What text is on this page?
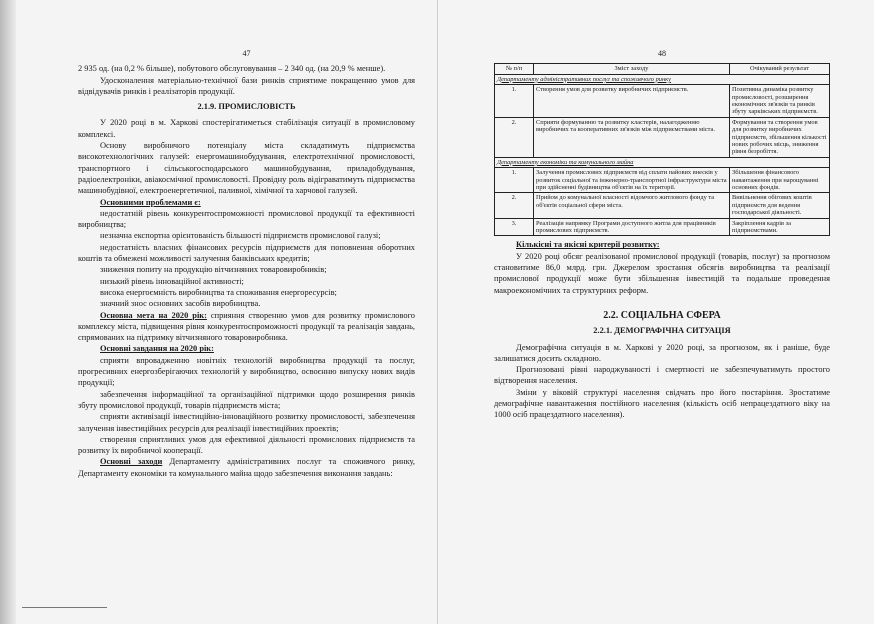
47

2 935 од. (на 0,2 % більше), побутового обслуговування – 2 340 од. (на 20,9 % менше).

Удосконалення матеріально-технічної бази ринків сприятиме покращенню умов для відвідувачів ринків і реалізаторів продукції.

2.1.9. ПРОМИСЛОВІСТЬ

У 2020 році в м. Харкові спостерігатиметься стабілізація ситуації в промисловому комплексі.

Основу виробничого потенціалу міста складатимуть підприємства високотехнологічних галузей: енергомашинобудування, електротехнічної промисловості, транспортного і сільськогосподарського машинобудування, приладобудування, радіоелектроніки, авіакосмічної промисловості. Провідну роль відіграватимуть підприємства машинобудівної, електроенергетичної, паливної, хімічної та харчової галузей.

Основними проблемами є:

недостатній рівень конкурентоспроможності промислової продукції та ефективності виробництва;

незначна експортна орієнтованість більшості підприємств промислової галузі;

недостатність власних фінансових ресурсів підприємств для поповнення оборотних коштів та обмежені можливості залучення банківських кредитів;

зниження попиту на продукцію вітчизняних товаровиробників;

низький рівень інноваційної активності;

висока енергоємність виробництва та споживання енергоресурсів;

значний знос основних засобів виробництва.

Основна мета на 2020 рік: сприяння створенню умов для розвитку промислового комплексу міста, підвищення рівня конкурентоспроможності продукції та реалізація завдань, спрямованих на підтримку вітчизняного товаровиробника.

Основні завдання на 2020 рік:

сприяти впровадженню новітніх технологій виробництва продукції та послуг, прогресивних енергозберігаючих технологій у виробництво, освоєнню випуску нових видів продукції;

забезпечення інформаційної та організаційної підтримки щодо розширення ринків збуту промислової продукції, товарів підприємств міста;

сприяти активізації інвестиційно-інноваційного розвитку промисловості, забезпечення залучення інвестиційних ресурсів для реалізації інвестиційних проектів;

створення сприятливих умов для ефективної діяльності промислових підприємств та розвитку їх виробничої кооперації.

Основні заходи Департаменту адміністративних послуг та споживчого ринку, Департаменту економіки та комунального майна щодо забезпечення виконання завдань:

48
№ п/п	Зміст заходу	Очікуваний результат
Департаменту адміністративних послуг та споживчого ринку		
1.	Створення умов для розвитку виробничих підприємств.	Позитивна динаміка розвитку промисловості, розширення економічних зв'язків та ринків збуту харківських підприємств.
2.	Сприяти формуванню та розвитку кластерів, налагодженню виробничих та кооперативних зв'язків між підприємствами міста.	Формування та створення умов для розвитку виробничих підприємств, збільшення кількості нових робочих місць, зниження рівня безробіття.
Департаменту економіки та комунального майна		
1.	Залучення промислових підприємств від сплати пайових внесків у розвиток соціальної та інженерно-транспортної інфраструктури міста при здійсненні будівництва об'єктів на їх території.	Збільшення фінансового навантаження при нарощуванні основних фондів.
2.	Прийом до комунальної власності відомчого житлового фонду та об'єктів соціальної сфери міста.	Вивільнення обігових коштів підприємств для ведення господарської діяльності.
3.	Реалізація напрямку Програми доступного житла для працівників промислових підприємств.	Закріплення кадрів за підприємствами.

Кількісні та якісні критерії розвитку:

У 2020 році обсяг реалізованої промислової продукції (товарів, послуг) за прогнозом становитиме 86,0 млрд. грн. Джерелом зростання обсягів виробництва та реалізації промислової продукції може бути збільшення інвестицій та подальше проведення макроекономічних та структурних реформ.

2.2. СОЦІАЛЬНА СФЕРА
2.2.1. ДЕМОГРАФІЧНА СИТУАЦІЯ

Демографічна ситуація в м. Харкові у 2020 році, за прогнозом, як і раніше, буде залишатися досить складною.

Прогнозовані рівні народжуваності і смертності не забезпечуватимуть простого відтворення населення.

Зміни у віковій структурі населення свідчать про його постаріння. Зростатиме демографічне навантаження постійного населення (кількість осіб непрацездатного віку на 1000 осіб працездатного населення).
